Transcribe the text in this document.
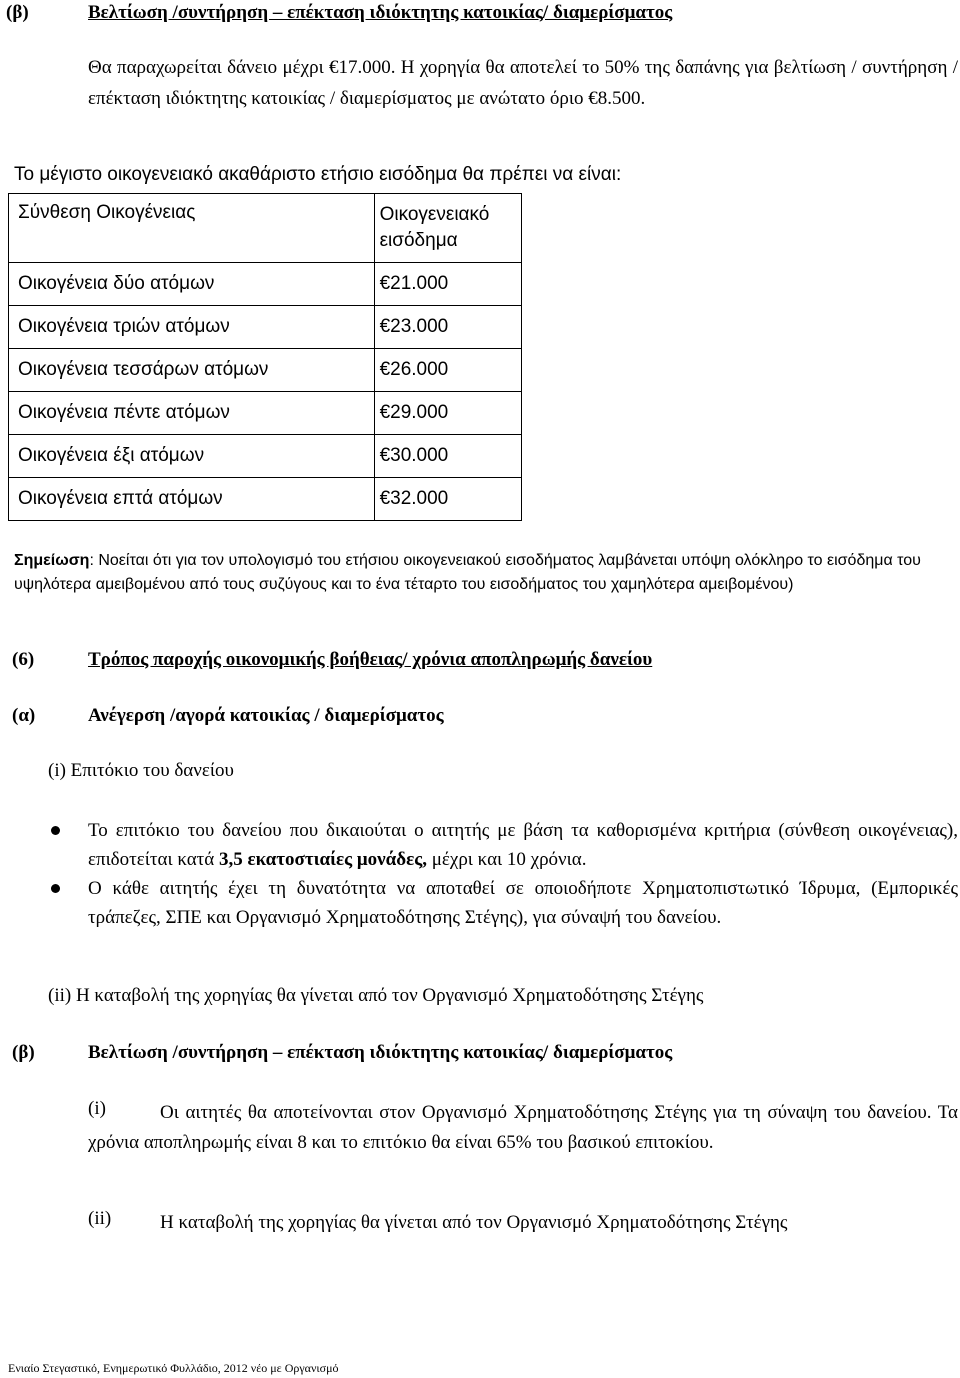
(β)	Βελτίωση /συντήρηση – επέκταση ιδιόκτητης κατοικίας/ διαμερίσματος
Θα παραχωρείται δάνειο μέχρι €17.000. Η χορηγία θα αποτελεί το 50% της δαπάνης για βελτίωση / συντήρηση / επέκταση ιδιόκτητης κατοικίας / διαμερίσματος με ανώτατο όριο €8.500.
Το μέγιστο οικογενειακό ακαθάριστο ετήσιο εισόδημα θα πρέπει να είναι:
Σύνθεση Οικογένειας	Οικογενειακό
εισόδημα
Οικογένεια δύο ατόμων	€21.000
Οικογένεια τριών ατόμων	€23.000
Οικογένεια τεσσάρων ατόμων	€26.000
Οικογένεια πέντε ατόμων	€29.000
Οικογένεια έξι ατόμων	€30.000
Οικογένεια επτά ατόμων	€32.000
Σημείωση: Νοείται ότι για τον υπολογισμό του ετήσιου οικογενειακού εισοδήματος λαμβάνεται υπόψη ολόκληρο το εισόδημα του υψηλότερα αμειβομένου από τους συζύγους και το ένα τέταρτο του εισοδήματος του χαμηλότερα αμειβομένου)
(6)	Τρόπος παροχής οικονομικής βοήθειας/ χρόνια αποπληρωμής δανείου
(α)	Ανέγερση /αγορά κατοικίας / διαμερίσματος
(i) Επιτόκιο του δανείου
Το επιτόκιο του δανείου που δικαιούται ο αιτητής με βάση τα καθορισμένα κριτήρια (σύνθεση οικογένειας), επιδοτείται κατά 3,5 εκατοστιαίες μονάδες, μέχρι και 10 χρόνια.
Ο κάθε αιτητής έχει τη δυνατότητα να αποταθεί σε οποιοδήποτε Χρηματοπιστωτικό Ίδρυμα, (Εμπορικές τράπεζες, ΣΠΕ και Οργανισμό Χρηματοδότησης Στέγης), για σύναψή του δανείου.
(ii) Η καταβολή της χορηγίας θα γίνεται από τον Οργανισμό Χρηματοδότησης Στέγης
(β)	Βελτίωση /συντήρηση – επέκταση ιδιόκτητης κατοικίας/ διαμερίσματος
(i)	Οι αιτητές θα αποτείνονται στον Οργανισμό Χρηματοδότησης Στέγης για τη σύναψη του δανείου. Τα χρόνια αποπληρωμής είναι 8 και το επιτόκιο θα είναι 65% του βασικού επιτοκίου.
(ii)	Η καταβολή της χορηγίας θα γίνεται από τον Οργανισμό Χρηματοδότησης Στέγης
Ενιαίο Στεγαστικό, Ενημερωτικό Φυλλάδιο, 2012 νέο με Οργανισμό
